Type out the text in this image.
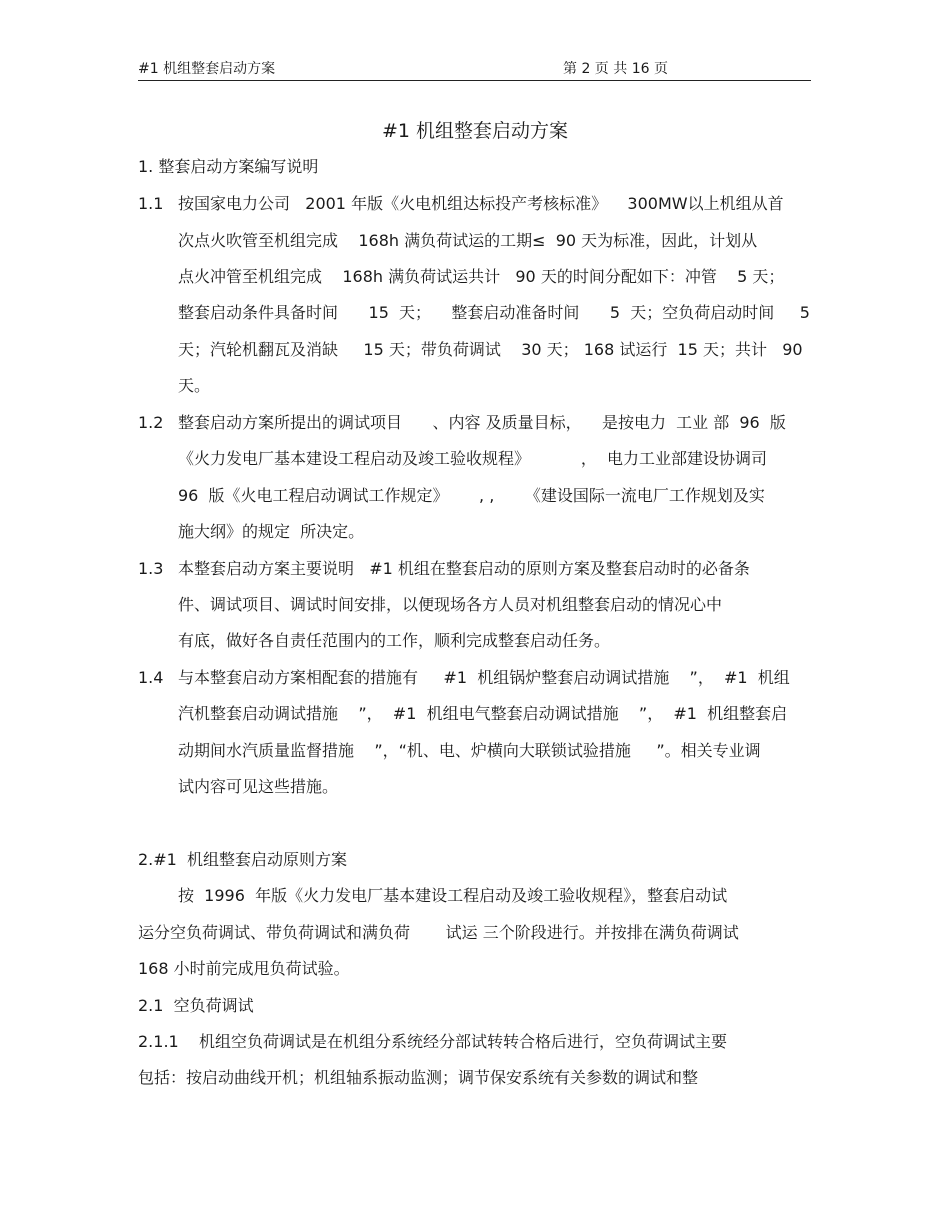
#1 机组整套启动方案	第 2 页 共 16 页
#1 机组整套启动方案
1. 整套启动方案编写说明
1.1 按国家电力公司   2001 年版《火电机组达标投产考核标准》    300MW以上机组从首
次点火吹管至机组完成    168h 满负荷试运的工期≤  90 天为标准，因此，计划从
点火冲管至机组完成    168h 满负荷试运共计   90 天的时间分配如下：冲管    5 天；
整套启动条件具备时间      15  天；    整套启动准备时间      5  天；空负荷启动时间     5
天；汽轮机翻瓦及消缺     15 天；带负荷调试    30 天； 168 试运行  15 天；共计   90
天。
1.2 整套启动方案所提出的调试项目      、内容 及质量目标，    是按电力  工业 部  96  版
《火力发电厂基本建设工程启动及竣工验收规程》          ，  电力工业部建设协调司
96  版《火电工程启动调试工作规定》      , ,      《建设国际一流电厂工作规划及实
施大纲》的规定  所决定。
1.3 本整套启动方案主要说明   #1 机组在整套启动的原则方案及整套启动时的必备条
件、调试项目、调试时间安排，以便现场各方人员对机组整套启动的情况心中
有底，做好各自责任范围内的工作，顺利完成整套启动任务。
1.4 与本整套启动方案相配套的措施有     #1  机组锅炉整套启动调试措施    ”，  #1  机组
汽机整套启动调试措施    ”，  #1  机组电气整套启动调试措施    ”，  #1  机组整套启
动期间水汽质量监督措施    ”，“机、电、炉横向大联锁试验措施     ”。相关专业调
试内容可见这些措施。
2.#1  机组整套启动原则方案
按  1996  年版《火力发电厂基本建设工程启动及竣工验收规程》，整套启动试
运分空负荷调试、带负荷调试和满负荷       试运 三个阶段进行。并按排在满负荷调试
168 小时前完成甩负荷试验。
2.1  空负荷调试
2.1.1    机组空负荷调试是在机组分系统经分部试转转合格后进行，空负荷调试主要
包括：按启动曲线开机；机组轴系振动监测；调节保安系统有关参数的调试和整
